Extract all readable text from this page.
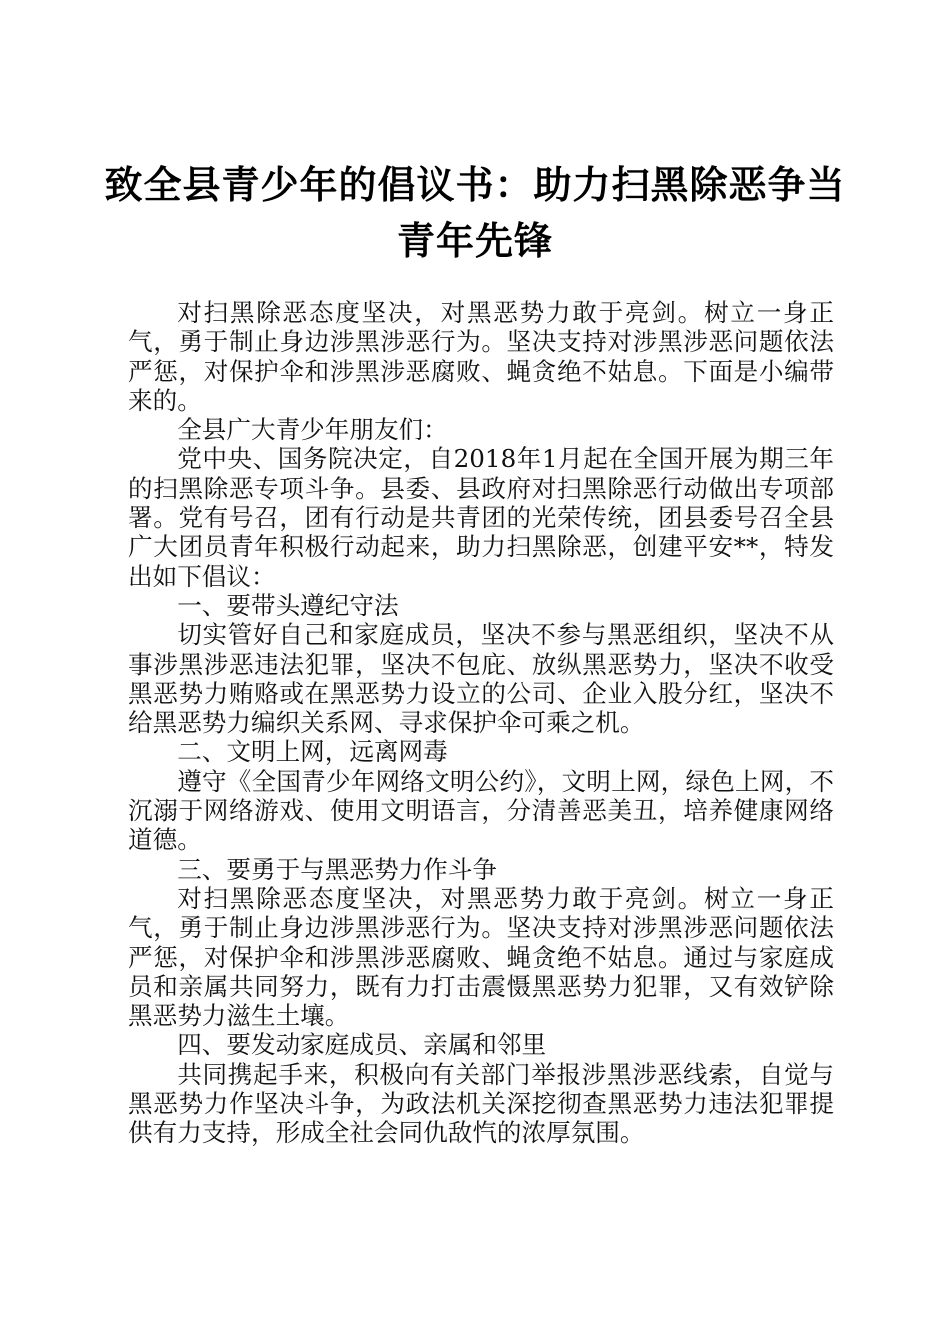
致全县青少年的倡议书：助力扫黑除恶争当青年先锋

对扫黑除恶态度坚决，对黑恶势力敢于亮剑。树立一身正气，勇于制止身边涉黑涉恶行为。坚决支持对涉黑涉恶问题依法严惩，对保护伞和涉黑涉恶腐败、蝇贪绝不姑息。下面是小编带来的。

全县广大青少年朋友们：

党中央、国务院决定，自2018年1月起在全国开展为期三年的扫黑除恶专项斗争。县委、县政府对扫黑除恶行动做出专项部署。党有号召，团有行动是共青团的光荣传统，团县委号召全县广大团员青年积极行动起来，助力扫黑除恶，创建平安**，特发出如下倡议：

一、要带头遵纪守法

切实管好自己和家庭成员，坚决不参与黑恶组织，坚决不从事涉黑涉恶违法犯罪，坚决不包庇、放纵黑恶势力，坚决不收受黑恶势力贿赂或在黑恶势力设立的公司、企业入股分红，坚决不给黑恶势力编织关系网、寻求保护伞可乘之机。

二、文明上网，远离网毒

遵守《全国青少年网络文明公约》，文明上网，绿色上网，不沉溺于网络游戏、使用文明语言，分清善恶美丑，培养健康网络道德。

三、要勇于与黑恶势力作斗争

对扫黑除恶态度坚决，对黑恶势力敢于亮剑。树立一身正气，勇于制止身边涉黑涉恶行为。坚决支持对涉黑涉恶问题依法严惩，对保护伞和涉黑涉恶腐败、蝇贪绝不姑息。通过与家庭成员和亲属共同努力，既有力打击震慑黑恶势力犯罪，又有效铲除黑恶势力滋生土壤。

四、要发动家庭成员、亲属和邻里

共同携起手来，积极向有关部门举报涉黑涉恶线索，自觉与黑恶势力作坚决斗争，为政法机关深挖彻查黑恶势力违法犯罪提供有力支持，形成全社会同仇敌忾的浓厚氛围。
